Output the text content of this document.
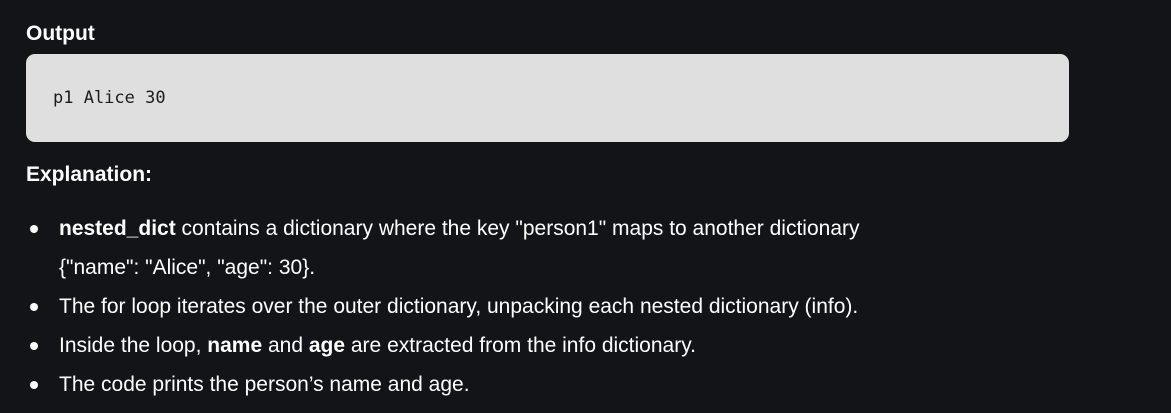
Output
p1 Alice 30
Explanation:
nested_dict contains a dictionary where the key "person1" maps to another dictionary
{"name": "Alice", "age": 30}.
The for loop iterates over the outer dictionary, unpacking each nested dictionary (info).
Inside the loop, name and age are extracted from the info dictionary.
The code prints the person’s name and age.
